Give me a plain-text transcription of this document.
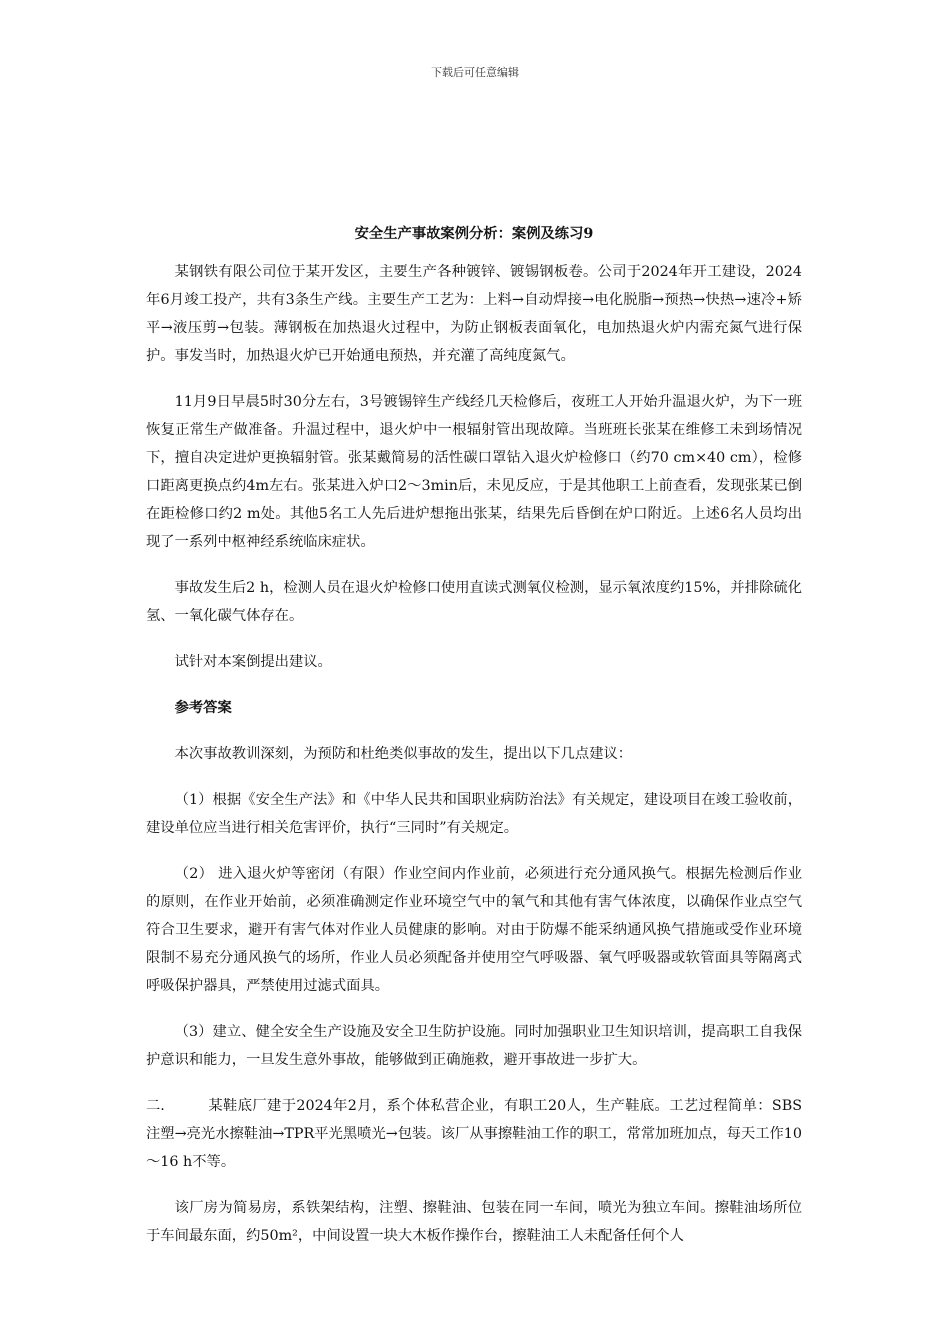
下载后可任意编辑
安全生产事故案例分析：案例及练习9

某钢铁有限公司位于某开发区，主要生产各种镀锌、镀锡钢板卷。公司于2024年开工建设，2024年6月竣工投产，共有3条生产线。主要生产工艺为：上料→自动焊接→电化脱脂→预热→快热→速冷+矫平→液压剪→包装。薄钢板在加热退火过程中，为防止钢板表面氧化，电加热退火炉内需充氮气进行保护。事发当时，加热退火炉已开始通电预热，并充灌了高纯度氮气。

11月9日早晨5时30分左右，3号镀锡锌生产线经几天检修后，夜班工人开始升温退火炉，为下一班恢复正常生产做准备。升温过程中，退火炉中一根辐射管出现故障。当班班长张某在维修工未到场情况下，擅自决定进炉更换辐射管。张某戴简易的活性碳口罩钻入退火炉检修口（约70 cm×40 cm），检修口距离更换点约4m左右。张某进入炉口2～3min后，未见反应，于是其他职工上前查看，发现张某已倒在距检修口约2 m处。其他5名工人先后进炉想拖出张某，结果先后昏倒在炉口附近。上述6名人员均出现了一系列中枢神经系统临床症状。

事故发生后2 h，检测人员在退火炉检修口使用直读式测氧仪检测，显示氧浓度约15%，并排除硫化氢、一氧化碳气体存在。

试针对本案倒提出建议。

参考答案

本次事故教训深刻，为预防和杜绝类似事故的发生，提出以下几点建议：

（1）根据《安全生产法》和《中华人民共和国职业病防治法》有关规定，建设项目在竣工验收前，建设单位应当进行相关危害评价，执行“三同时”有关规定。

（2） 进入退火炉等密闭（有限）作业空间内作业前，必须进行充分通风换气。根据先检测后作业的原则，在作业开始前，必须准确测定作业环境空气中的氧气和其他有害气体浓度，以确保作业点空气符合卫生要求，避开有害气体对作业人员健康的影响。对由于防爆不能采纳通风换气措施或受作业环境限制不易充分通风换气的场所，作业人员必须配备并使用空气呼吸器、氧气呼吸器或软管面具等隔离式呼吸保护器具，严禁使用过滤式面具。

（3）建立、健全安全生产设施及安全卫生防护设施。同时加强职业卫生知识培训，提高职工自我保护意识和能力，一旦发生意外事故，能够做到正确施救，避开事故进一步扩大。

二.	某鞋底厂建于2024年2月，系个体私营企业，有职工20人，生产鞋底。工艺过程简单：SBS注塑→亮光水擦鞋油→TPR平光黑喷光→包装。该厂从事擦鞋油工作的职工，常常加班加点，每天工作10～16 h不等。

该厂房为简易房，系铁架结构，注塑、擦鞋油、包装在同一车间，喷光为独立车间。擦鞋油场所位于车间最东面，约50m²，中间设置一块大木板作操作台，擦鞋油工人未配备任何个人
